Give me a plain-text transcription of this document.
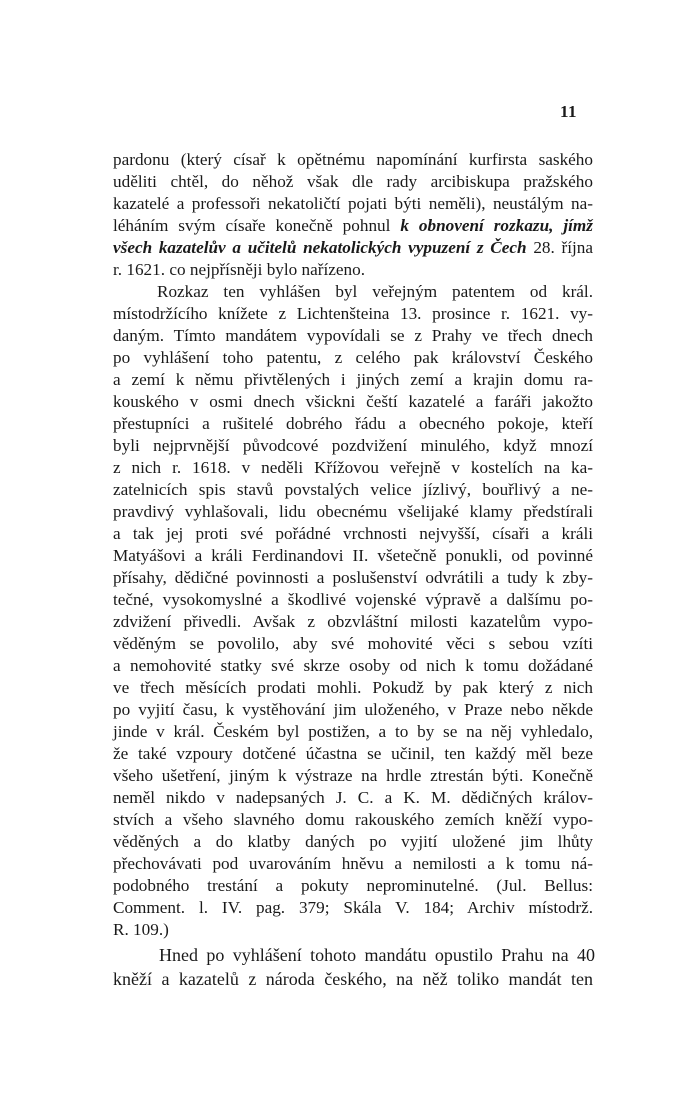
11
pardonu (který císař k opětnému napomínání kurfirsta saského
uděliti chtěl, do něhož však dle rady arcibiskupa pražského
kazatelé a professoři nekatoličtí pojati býti neměli), neustálým na-
léháním svým císaře konečně pohnul k obnovení rozkazu, jímž
všech kazatelův a učitelů nekatolických vypuzení z Čech 28. října
r. 1621. co nejpřísněji bylo nařízeno.
Rozkaz ten vyhlášen byl veřejným patentem od král.
místodržícího knížete z Lichtenšteina 13. prosince r. 1621. vy-
daným. Tímto mandátem vypovídali se z Prahy ve třech dnech
po vyhlášení toho patentu, z celého pak království Českého
a zemí k němu přivtělených i jiných zemí a krajin domu ra-
kouského v osmi dnech všickni čeští kazatelé a faráři jakožto
přestupníci a rušitelé dobrého řádu a obecného pokoje, kteří
byli nejprvnější původcové pozdvižení minulého, když mnozí
z nich r. 1618. v neděli Křížovou veřejně v kostelích na ka-
zatelnicích spis stavů povstalých velice jízlivý, bouřlivý a ne-
pravdivý vyhlašovali, lidu obecnému všelijaké klamy předstírali
a tak jej proti své pořádné vrchnosti nejvyšší, císaři a králi
Matyášovi a králi Ferdinandovi II. všetečně ponukli, od povinné
přísahy, dědičné povinnosti a poslušenství odvrátili a tudy k zby-
tečné, vysokomyslné a škodlivé vojenské výpravě a dalšímu po-
zdvižení přivedli. Avšak z obzvláštní milosti kazatelům vypo-
věděným se povolilo, aby své mohovité věci s sebou vzíti
a nemohovité statky své skrze osoby od nich k tomu dožádané
ve třech měsících prodati mohli. Pokudž by pak který z nich
po vyjití času, k vystěhování jim uloženého, v Praze nebo někde
jinde v král. Českém byl postižen, a to by se na něj vyhledalo,
že také vzpoury dotčené účastna se učinil, ten každý měl beze
všeho ušetření, jiným k výstraze na hrdle ztrestán býti. Konečně
neměl nikdo v nadepsaných J. C. a K. M. dědičných králov-
stvích a všeho slavného domu rakouského zemích kněží vypo-
věděných a do klatby daných po vyjití uložené jim lhůty
přechovávati pod uvarováním hněvu a nemilosti a k tomu ná-
podobného trestání a pokuty neprominutelné. (Jul. Bellus:
Comment. l. IV. pag. 379; Skála V. 184; Archiv místodrž.
R. 109.)
Hned po vyhlášení tohoto mandátu opustilo Prahu na 40
kněží a kazatelů z národa českého, na něž toliko mandát ten
